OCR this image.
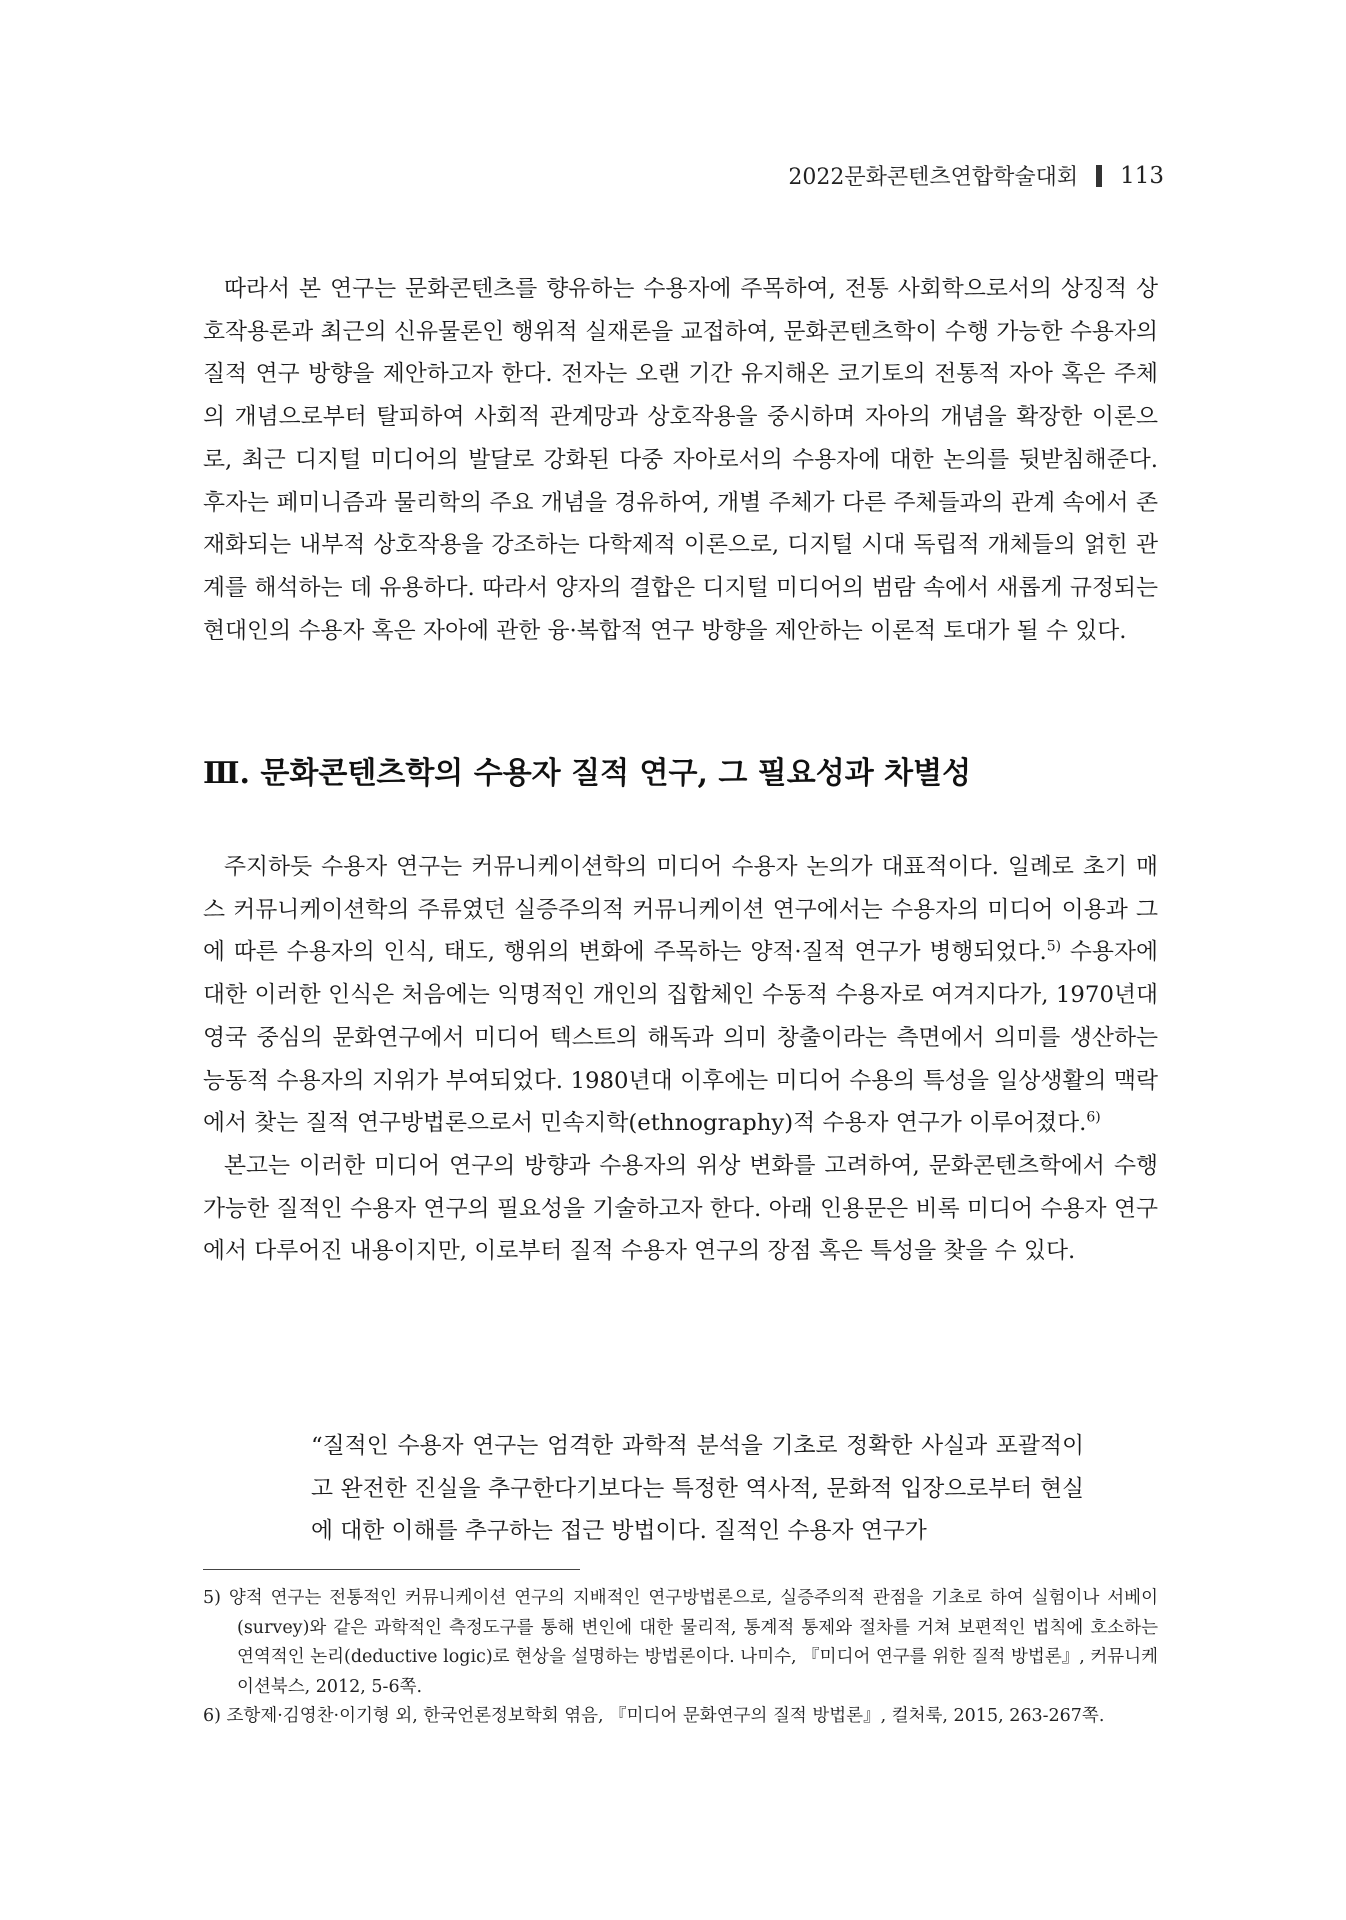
2022문화콘텐츠연합학술대회 113

따라서 본 연구는 문화콘텐츠를 향유하는 수용자에 주목하여, 전통 사회학으로서의 상징적 상호작용론과 최근의 신유물론인 행위적 실재론을 교접하여, 문화콘텐츠학이 수행 가능한 수용자의 질적 연구 방향을 제안하고자 한다. 전자는 오랜 기간 유지해온 코기토의 전통적 자아 혹은 주체의 개념으로부터 탈피하여 사회적 관계망과 상호작용을 중시하며 자아의 개념을 확장한 이론으로, 최근 디지털 미디어의 발달로 강화된 다중 자아로서의 수용자에 대한 논의를 뒷받침해준다. 후자는 페미니즘과 물리학의 주요 개념을 경유하여, 개별 주체가 다른 주체들과의 관계 속에서 존재화되는 내부적 상호작용을 강조하는 다학제적 이론으로, 디지털 시대 독립적 개체들의 얽힌 관계를 해석하는 데 유용하다. 따라서 양자의 결합은 디지털 미디어의 범람 속에서 새롭게 규정되는 현대인의 수용자 혹은 자아에 관한 융·복합적 연구 방향을 제안하는 이론적 토대가 될 수 있다.

Ⅲ. 문화콘텐츠학의 수용자 질적 연구, 그 필요성과 차별성

주지하듯 수용자 연구는 커뮤니케이션학의 미디어 수용자 논의가 대표적이다. 일례로 초기 매스 커뮤니케이션학의 주류였던 실증주의적 커뮤니케이션 연구에서는 수용자의 미디어 이용과 그에 따른 수용자의 인식, 태도, 행위의 변화에 주목하는 양적·질적 연구가 병행되었다.$^{5)}$ 수용자에 대한 이러한 인식은 처음에는 익명적인 개인의 집합체인 수동적 수용자로 여겨지다가, 1970년대 영국 중심의 문화연구에서 미디어 텍스트의 해독과 의미 창출이라는 측면에서 의미를 생산하는 능동적 수용자의 지위가 부여되었다. 1980년대 이후에는 미디어 수용의 특성을 일상생활의 맥락에서 찾는 질적 연구방법론으로서 민속지학(ethnography)적 수용자 연구가 이루어졌다.$^{6)}$

본고는 이러한 미디어 연구의 방향과 수용자의 위상 변화를 고려하여, 문화콘텐츠학에서 수행 가능한 질적인 수용자 연구의 필요성을 기술하고자 한다. 아래 인용문은 비록 미디어 수용자 연구에서 다루어진 내용이지만, 이로부터 질적 수용자 연구의 장점 혹은 특성을 찾을 수 있다.

“질적인 수용자 연구는 엄격한 과학적 분석을 기초로 정확한 사실과 포괄적이고 완전한 진실을 추구한다기보다는 특정한 역사적, 문화적 입장으로부터 현실에 대한 이해를 추구하는 접근 방법이다. 질적인 수용자 연구가

5) 양적 연구는 전통적인 커뮤니케이션 연구의 지배적인 연구방법론으로, 실증주의적 관점을 기초로 하여 실험이나 서베이(survey)와 같은 과학적인 측정도구를 통해 변인에 대한 물리적, 통계적 통제와 절차를 거쳐 보편적인 법칙에 호소하는 연역적인 논리(deductive logic)로 현상을 설명하는 방법론이다. 나미수, 『미디어 연구를 위한 질적 방법론』, 커뮤니케이션북스, 2012, 5-6쪽.
6) 조항제·김영찬·이기형 외, 한국언론정보학회 엮음, 『미디어 문화연구의 질적 방법론』, 컬처룩, 2015, 263-267쪽.
